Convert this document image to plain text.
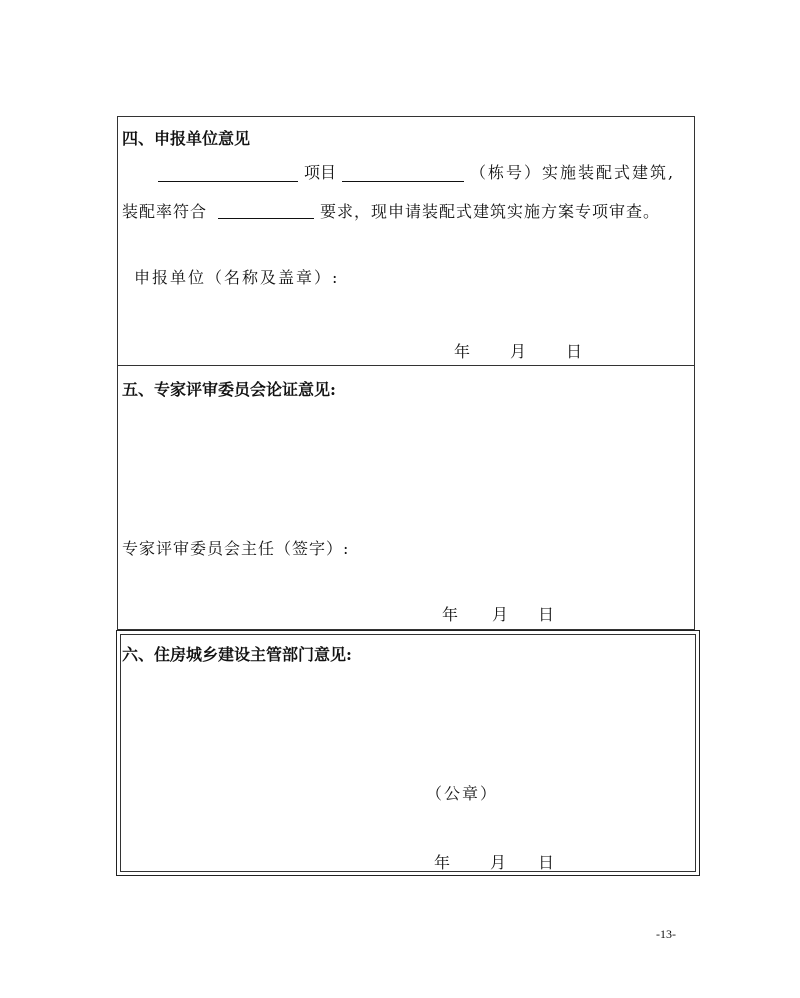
四、申报单位意见
项目	（栋号）实施装配式建筑,
装配率符合	要求，现申请装配式建筑实施方案专项审查。
申报单位（名称及盖章）:
年 月 日
五、专家评审委员会论证意见:
专家评审委员会主任（签字）:
年 月 日
六、住房城乡建设主管部门意见:
（公章）
年 月 日
-13-
